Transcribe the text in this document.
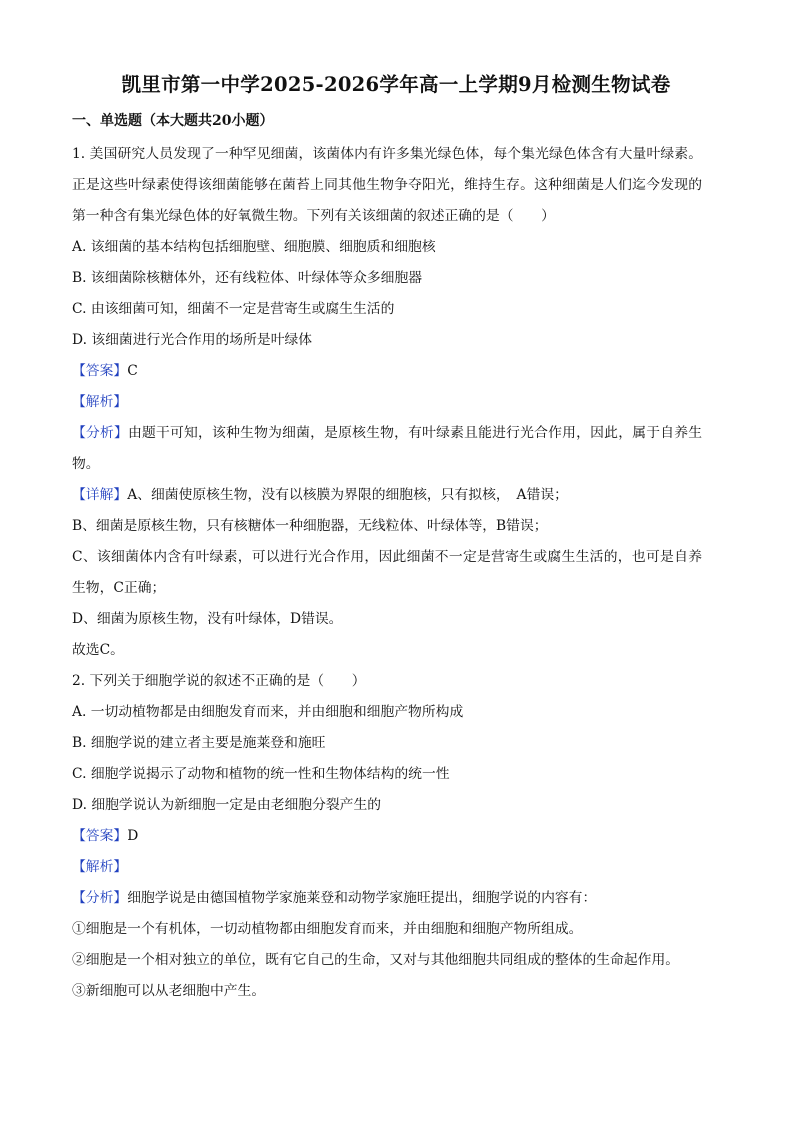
凯里市第一中学2025-2026学年高一上学期9月检测生物试卷
一、单选题（本大题共20小题）

1. 美国研究人员发现了一种罕见细菌，该菌体内有许多集光绿色体，每个集光绿色体含有大量叶绿素。正是这些叶绿素使得该细菌能够在菌苔上同其他生物争夺阳光，维持生存。这种细菌是人们迄今发现的第一种含有集光绿色体的好氧微生物。下列有关该细菌的叙述正确的是（　　）

A. 该细菌的基本结构包括细胞壁、细胞膜、细胞质和细胞核

B. 该细菌除核糖体外，还有线粒体、叶绿体等众多细胞器

C. 由该细菌可知，细菌不一定是营寄生或腐生生活的

D. 该细菌进行光合作用的场所是叶绿体

【答案】C

【解析】

【分析】由题干可知，该种生物为细菌，是原核生物，有叶绿素且能进行光合作用，因此，属于自养生物。

【详解】A、细菌使原核生物，没有以核膜为界限的细胞核，只有拟核，　A错误；

B、细菌是原核生物，只有核糖体一种细胞器，无线粒体、叶绿体等，B错误；

C、该细菌体内含有叶绿素，可以进行光合作用，因此细菌不一定是营寄生或腐生生活的，也可是自养生物，C正确；

D、细菌为原核生物，没有叶绿体，D错误。

故选C。

2. 下列关于细胞学说的叙述不正确的是（　　）

A. 一切动植物都是由细胞发育而来，并由细胞和细胞产物所构成

B. 细胞学说的建立者主要是施莱登和施旺

C. 细胞学说揭示了动物和植物的统一性和生物体结构的统一性

D. 细胞学说认为新细胞一定是由老细胞分裂产生的

【答案】D

【解析】

【分析】细胞学说是由德国植物学家施莱登和动物学家施旺提出，细胞学说的内容有：

①细胞是一个有机体，一切动植物都由细胞发育而来，并由细胞和细胞产物所组成。

②细胞是一个相对独立的单位，既有它自己的生命，又对与其他细胞共同组成的整体的生命起作用。

③新细胞可以从老细胞中产生。
